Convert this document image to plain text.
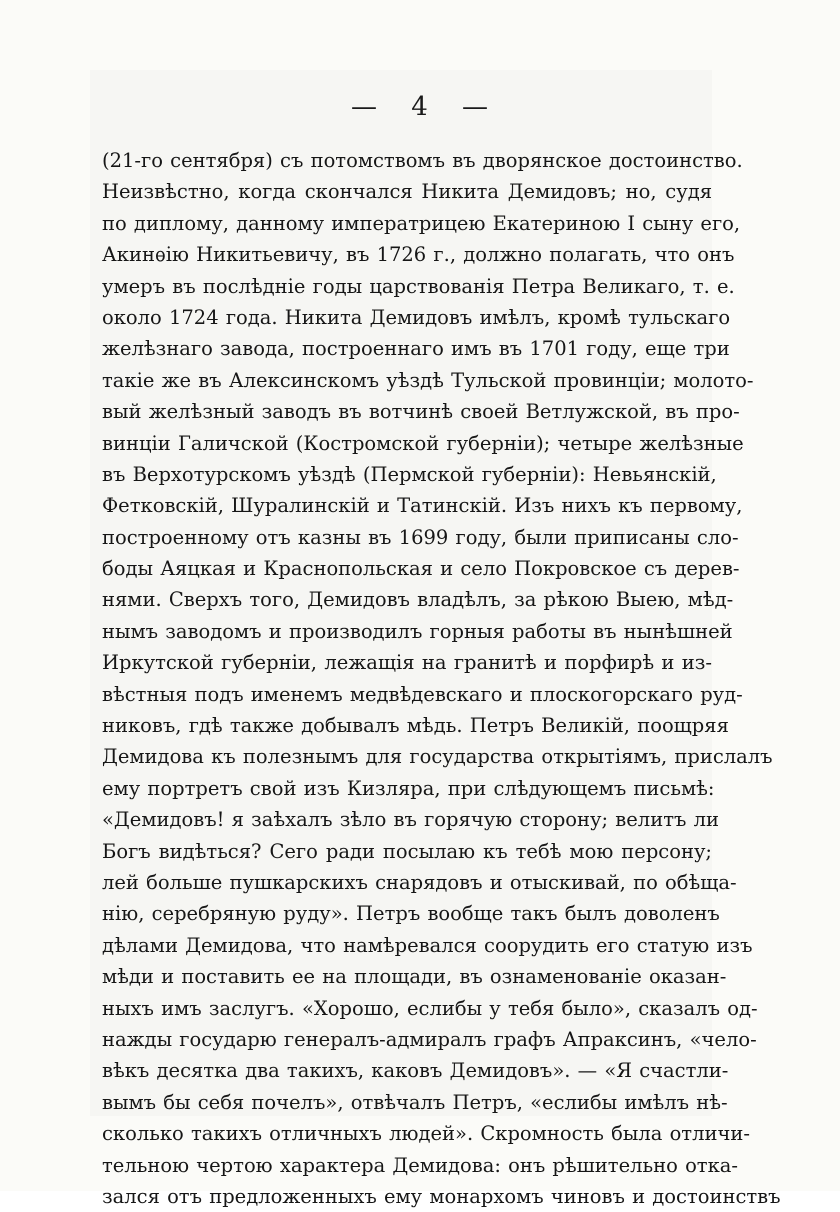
— 4 —
(21-го сентября) съ потомствомъ въ дворянское достоинство.
Неизвѣстно, когда скончался Никита Демидовъ; но, судя
по диплому, данному императрицею Екатериною I сыну его,
Акинѳію Никитьевичу, въ 1726 г., должно полагать, что онъ
умеръ въ послѣдніе годы царствованія Петра Великаго, т. е.
около 1724 года. Никита Демидовъ имѣлъ, кромѣ тульскаго
желѣзнаго завода, построеннаго имъ въ 1701 году, еще три
такіе же въ Алексинскомъ уѣздѣ Тульской провинціи; молото-
вый желѣзный заводъ въ вотчинѣ своей Ветлужской, въ про-
винціи Галичской (Костромской губерніи); четыре желѣзные
въ Верхотурскомъ уѣздѣ (Пермской губерніи): Невьянскій,
Фетковскій, Шуралинскій и Татинскій. Изъ нихъ къ первому,
построенному отъ казны въ 1699 году, были приписаны сло-
боды Аяцкая и Краснопольская и село Покровское съ дерев-
нями. Сверхъ того, Демидовъ владѣлъ, за рѣкою Выею, мѣд-
нымъ заводомъ и производилъ горныя работы въ нынѣшней
Иркутской губерніи, лежащія на гранитѣ и порфирѣ и из-
вѣстныя подъ именемъ медвѣдевскаго и плоскогорскаго руд-
никовъ, гдѣ также добывалъ мѣдь. Петръ Великій, поощряя
Демидова къ полезнымъ для государства открытіямъ, прислалъ
ему портретъ свой изъ Кизляра, при слѣдующемъ письмѣ:
«Демидовъ! я заѣхалъ зѣло въ горячую сторону; велитъ ли
Богъ видѣться? Сего ради посылаю къ тебѣ мою персону;
лей больше пушкарскихъ снарядовъ и отыскивай, по обѣща-
нію, серебряную руду». Петръ вообще такъ былъ доволенъ
дѣлами Демидова, что намѣревался соорудить его статую изъ
мѣди и поставить ее на площади, въ ознаменованіе оказан-
ныхъ имъ заслугъ. «Хорошо, еслибы у тебя было», сказалъ од-
нажды государю генералъ-адмиралъ графъ Апраксинъ, «чело-
вѣкъ десятка два такихъ, каковъ Демидовъ». — «Я счастли-
вымъ бы себя почелъ», отвѣчалъ Петръ, «еслибы имѣлъ нѣ-
сколько такихъ отличныхъ людей». Скромность была отличи-
тельною чертою характера Демидова: онъ рѣшительно отка-
зался отъ предложенныхъ ему монархомъ чиновъ и достоинствъ
